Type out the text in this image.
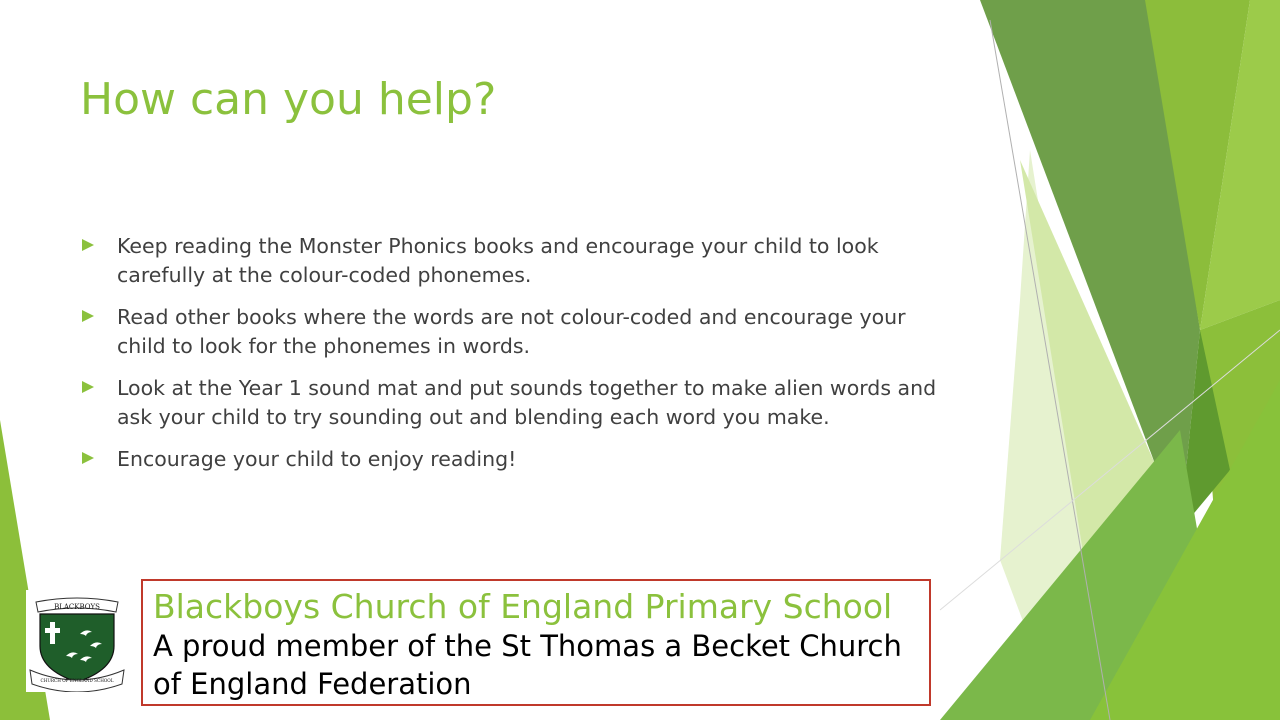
How can you help?
Keep reading the Monster Phonics books and encourage your child to look carefully at the colour-coded phonemes.
Read other books where the words are not colour-coded and encourage your child to look for the phonemes in words.
Look at the Year 1 sound mat and put sounds together to make alien words and ask your child to try sounding out and blending each word you make.
Encourage your child to enjoy reading!
BLACKBOYS
CHURCH OF ENGLAND SCHOOL
Blackboys Church of England Primary School
A proud member of the St Thomas a Becket Church of England Federation
